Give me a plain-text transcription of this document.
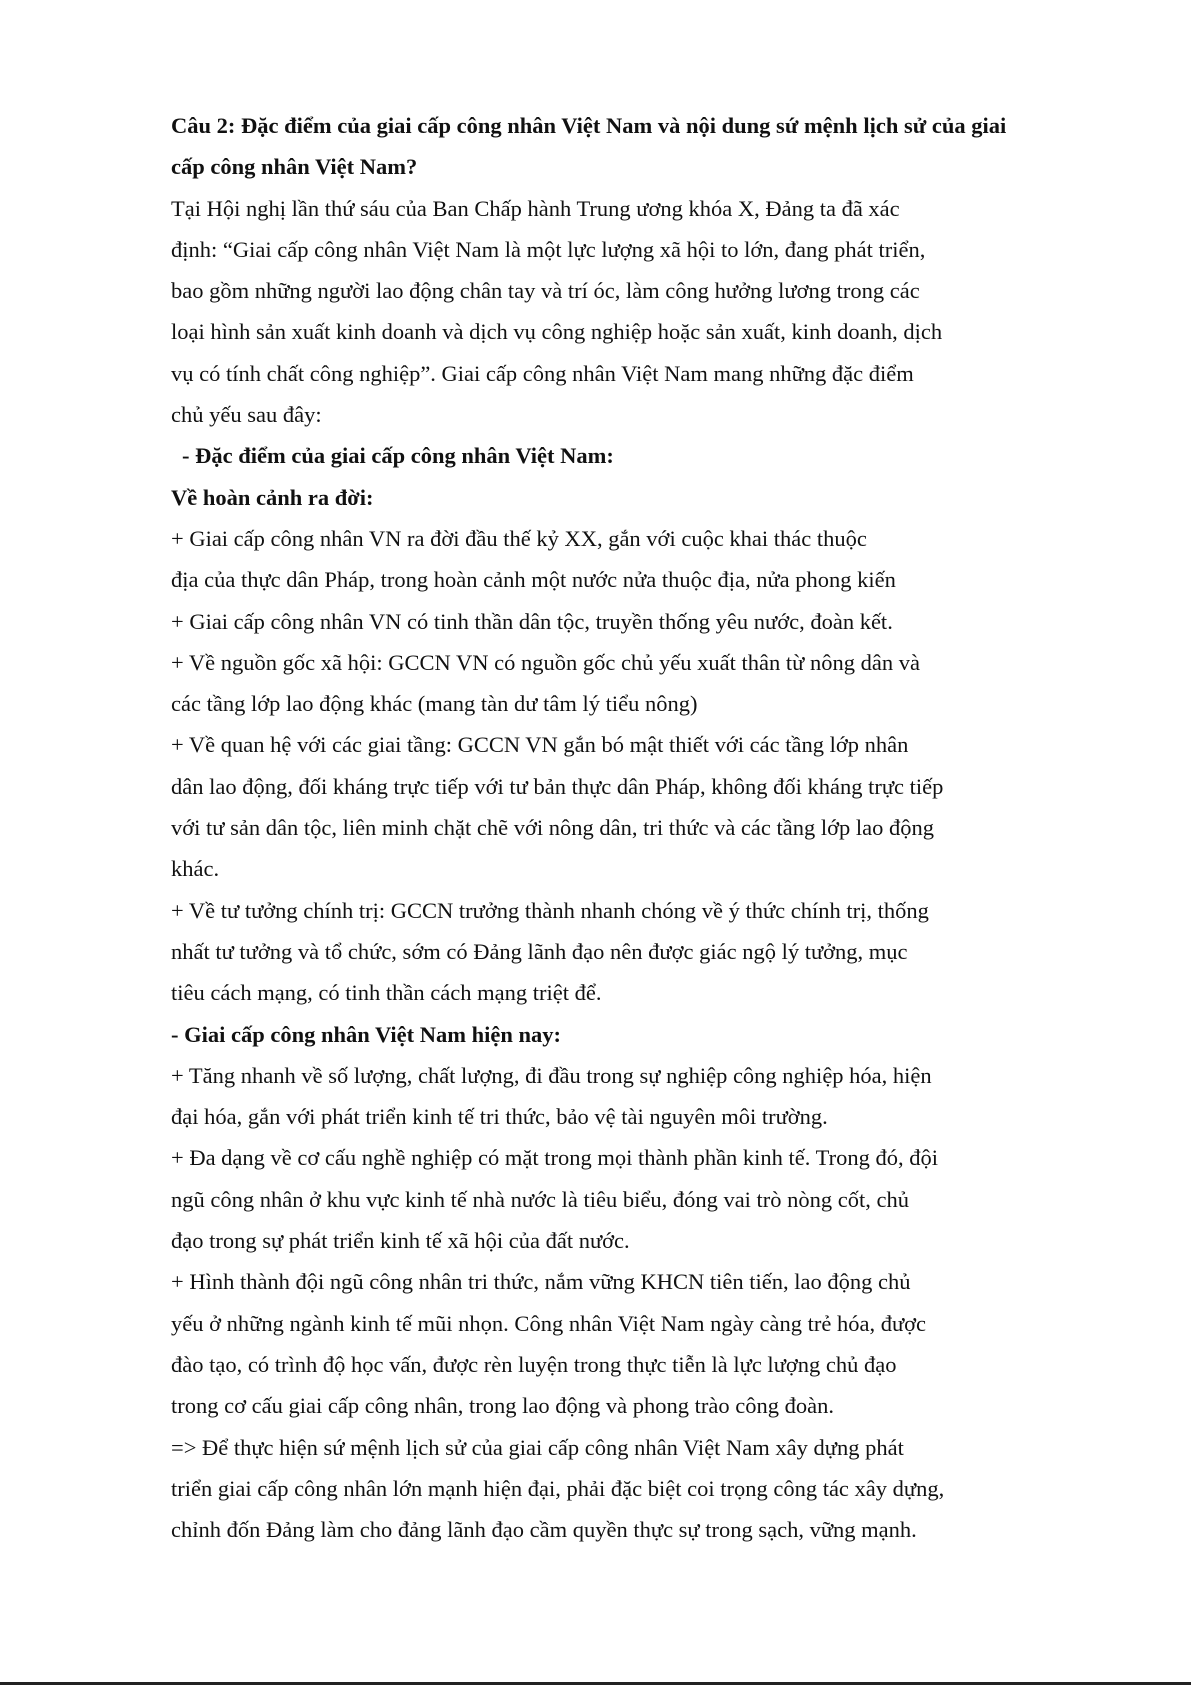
Câu 2: Đặc điểm của giai cấp công nhân Việt Nam và nội dung sứ mệnh lịch sử của giai
cấp công nhân Việt Nam?
Tại Hội nghị lần thứ sáu của Ban Chấp hành Trung ương khóa X, Đảng ta đã xác
định: “Giai cấp công nhân Việt Nam là một lực lượng xã hội to lớn, đang phát triển,
bao gồm những người lao động chân tay và trí óc, làm công hưởng lương trong các
loại hình sản xuất kinh doanh và dịch vụ công nghiệp hoặc sản xuất, kinh doanh, dịch
vụ có tính chất công nghiệp”. Giai cấp công nhân Việt Nam mang những đặc điểm
chủ yếu sau đây:
- Đặc điểm của giai cấp công nhân Việt Nam:
Về hoàn cảnh ra đời:
+ Giai cấp công nhân VN ra đời đầu thế kỷ XX, gắn với cuộc khai thác thuộc
địa của thực dân Pháp, trong hoàn cảnh một nước nửa thuộc địa, nửa phong kiến
+ Giai cấp công nhân VN có tinh thần dân tộc, truyền thống yêu nước, đoàn kết.
+ Về nguồn gốc xã hội: GCCN VN có nguồn gốc chủ yếu xuất thân từ nông dân và
các tầng lớp lao động khác (mang tàn dư tâm lý tiểu nông)
+ Về quan hệ với các giai tầng: GCCN VN gắn bó mật thiết với các tầng lớp nhân
dân lao động, đối kháng trực tiếp với tư bản thực dân Pháp, không đối kháng trực tiếp
với tư sản dân tộc, liên minh chặt chẽ với nông dân, tri thức và các tầng lớp lao động
khác.
+ Về tư tưởng chính trị: GCCN trưởng thành nhanh chóng về ý thức chính trị, thống
nhất tư tưởng và tổ chức, sớm có Đảng lãnh đạo nên được giác ngộ lý tưởng, mục
tiêu cách mạng, có tinh thần cách mạng triệt để.
- Giai cấp công nhân Việt Nam hiện nay:
+ Tăng nhanh về số lượng, chất lượng, đi đầu trong sự nghiệp công nghiệp hóa, hiện
đại hóa, gắn với phát triển kinh tế tri thức, bảo vệ tài nguyên môi trường.
+ Đa dạng về cơ cấu nghề nghiệp có mặt trong mọi thành phần kinh tế. Trong đó, đội
ngũ công nhân ở khu vực kinh tế nhà nước là tiêu biểu, đóng vai trò nòng cốt, chủ
đạo trong sự phát triển kinh tế xã hội của đất nước.
+ Hình thành đội ngũ công nhân tri thức, nắm vững KHCN tiên tiến, lao động chủ
yếu ở những ngành kinh tế mũi nhọn. Công nhân Việt Nam ngày càng trẻ hóa, được
đào tạo, có trình độ học vấn, được rèn luyện trong thực tiễn là lực lượng chủ đạo
trong cơ cấu giai cấp công nhân, trong lao động và phong trào công đoàn.
=> Để thực hiện sứ mệnh lịch sử của giai cấp công nhân Việt Nam xây dựng phát
triển giai cấp công nhân lớn mạnh hiện đại, phải đặc biệt coi trọng công tác xây dựng,
chỉnh đốn Đảng làm cho đảng lãnh đạo cầm quyền thực sự trong sạch, vững mạnh.
